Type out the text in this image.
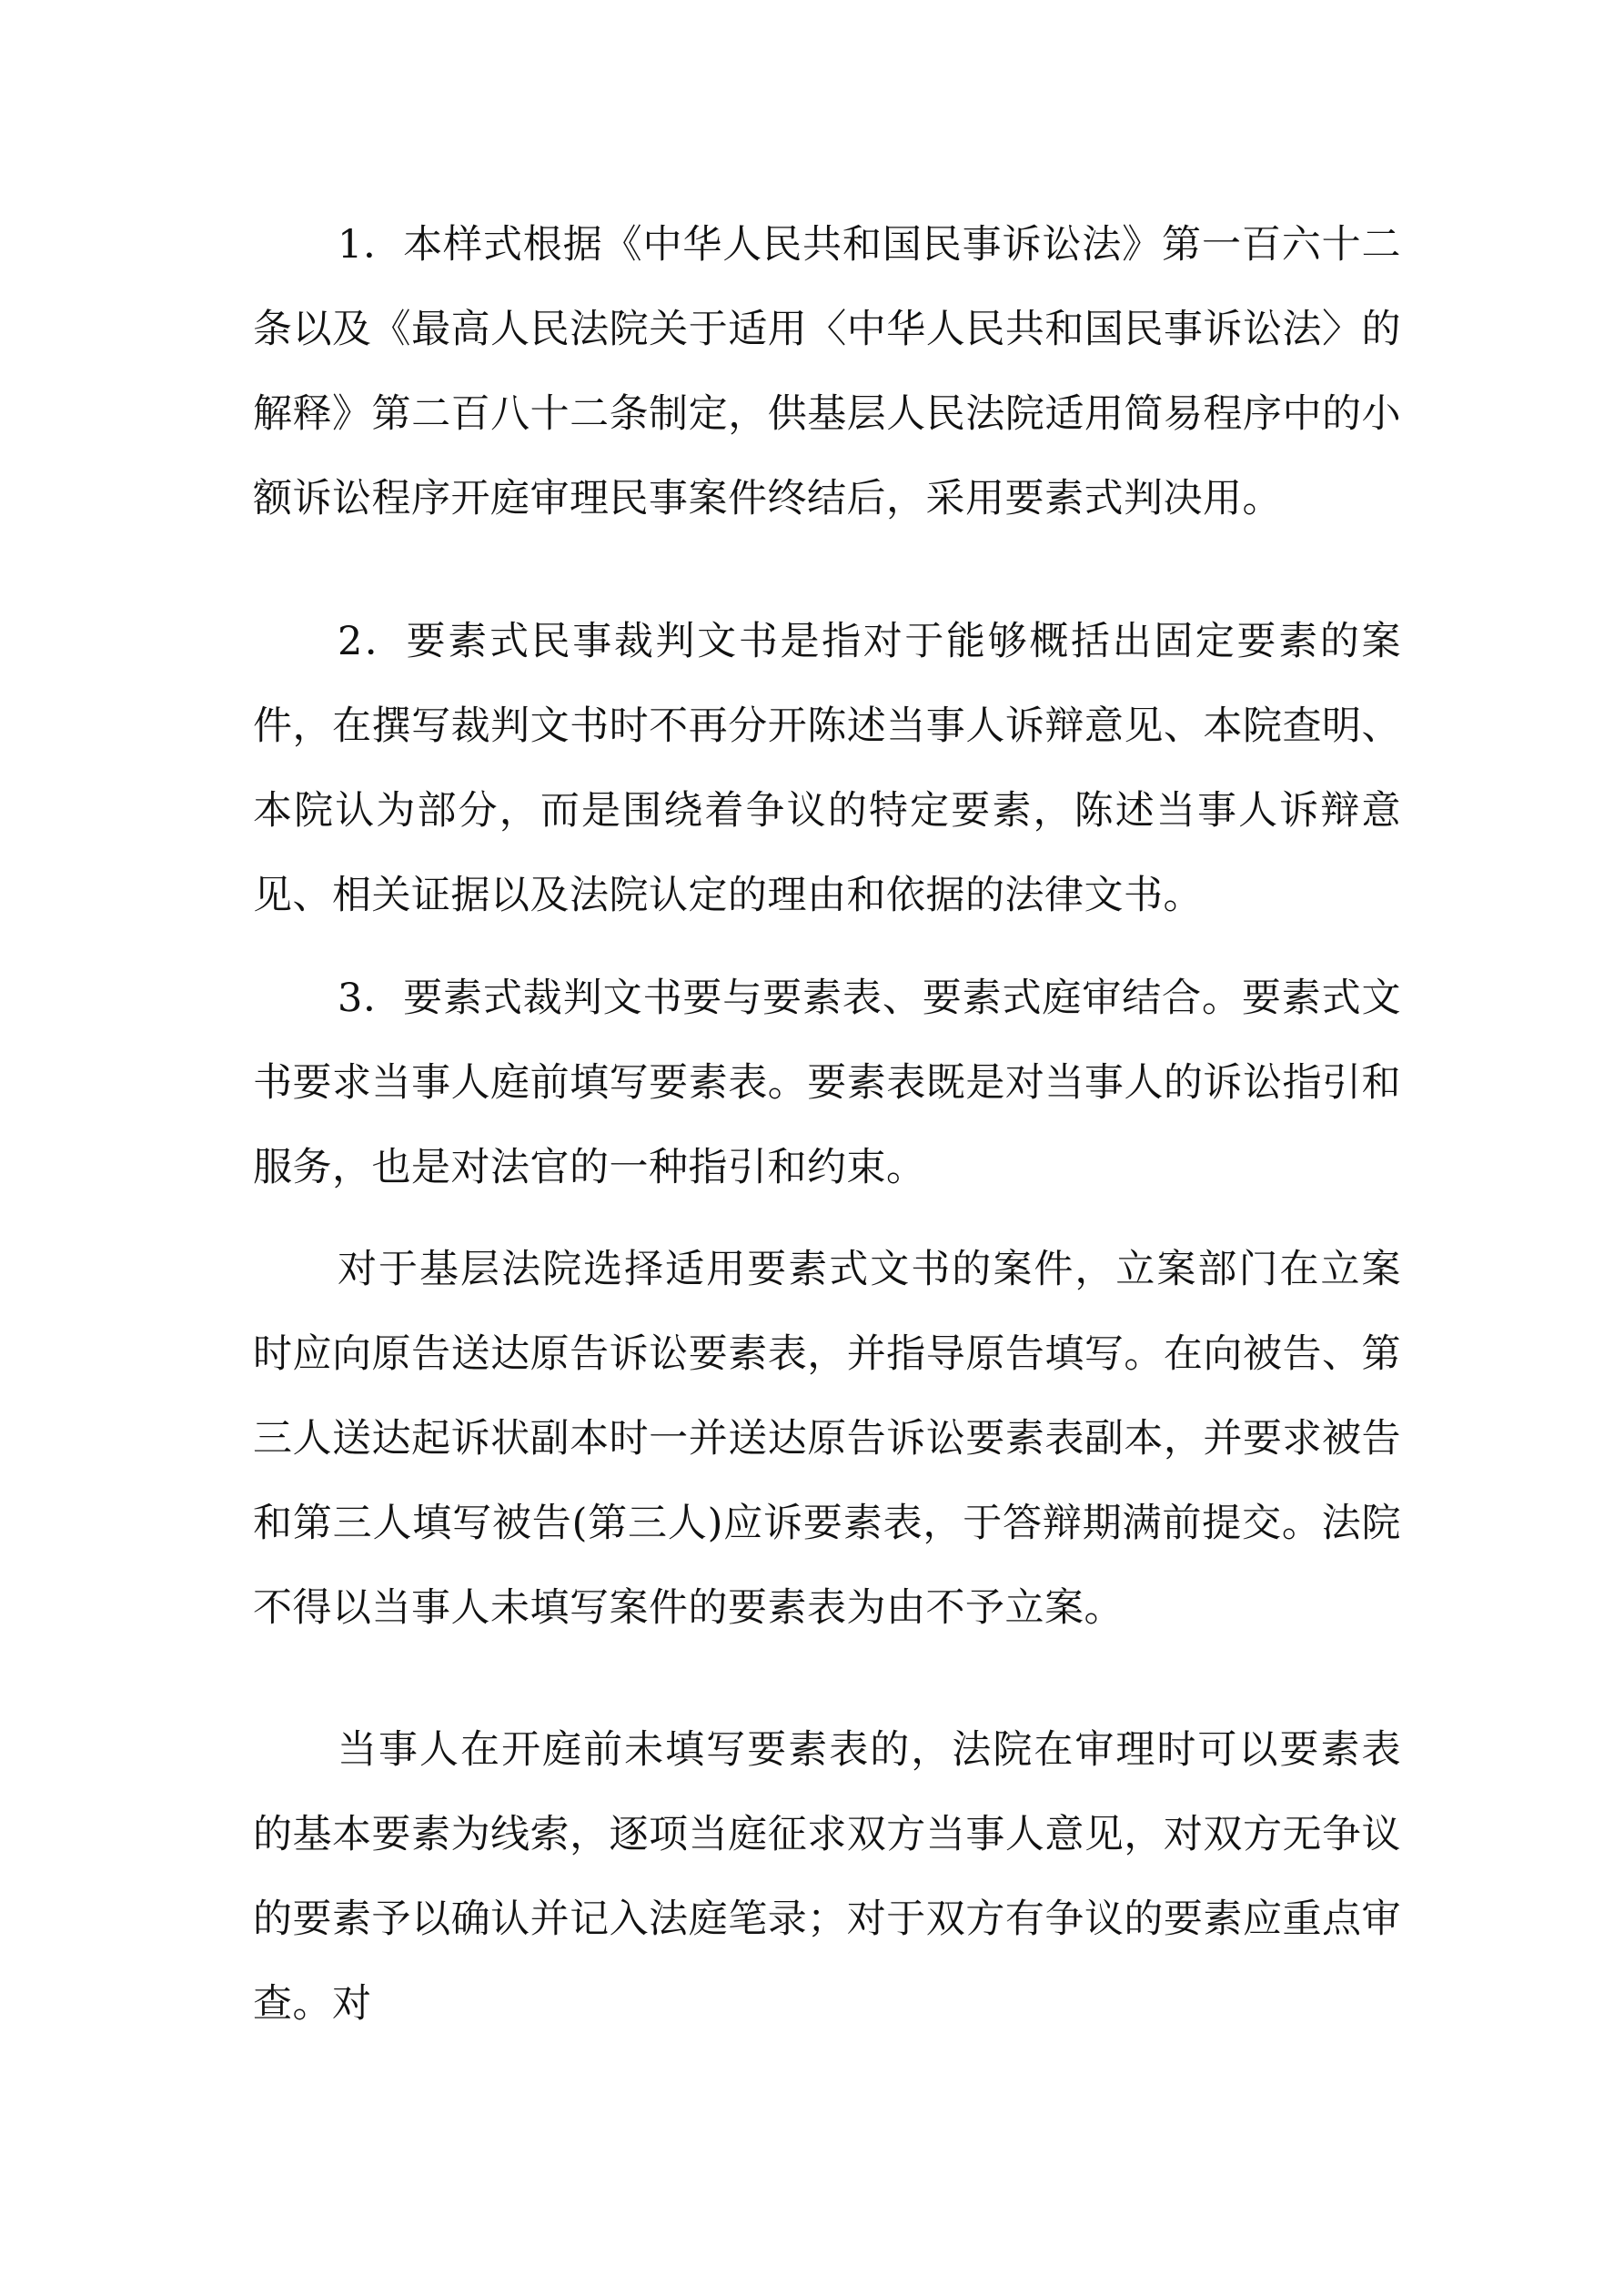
1．本样式根据《中华人民共和国民事诉讼法》第一百六十二条以及《最高人民法院关于适用〈中华人民共和国民事诉讼法〉的解释》第二百八十二条制定，供基层人民法院适用简易程序中的小额诉讼程序开庭审理民事案件终结后，采用要素式判决用。

2．要素式民事裁判文书是指对于能够概括出固定要素的案件，在撰写裁判文书时不再分开陈述当事人诉辩意见、本院查明、本院认为部分，而是围绕着争议的特定要素，陈述当事人诉辩意见、相关证据以及法院认定的理由和依据的法律文书。

3．要素式裁判文书要与要素表、要素式庭审结合。要素式文书要求当事人庭前填写要素表。要素表既是对当事人的诉讼指引和服务，也是对法官的一种指引和约束。

对于基层法院选择适用要素式文书的案件，立案部门在立案时应向原告送达原告诉讼要素表，并指导原告填写。在向被告、第三人送达起诉状副本时一并送达原告诉讼要素表副本，并要求被告和第三人填写被告(第三人)应诉要素表，于答辩期满前提交。法院不得以当事人未填写案件的要素表为由不予立案。

当事人在开庭前未填写要素表的，法院在审理时可以要素表的基本要素为线索，逐项当庭征求双方当事人意见，对双方无争议的要素予以确认并记入法庭笔录；对于双方有争议的要素应重点审查。对
